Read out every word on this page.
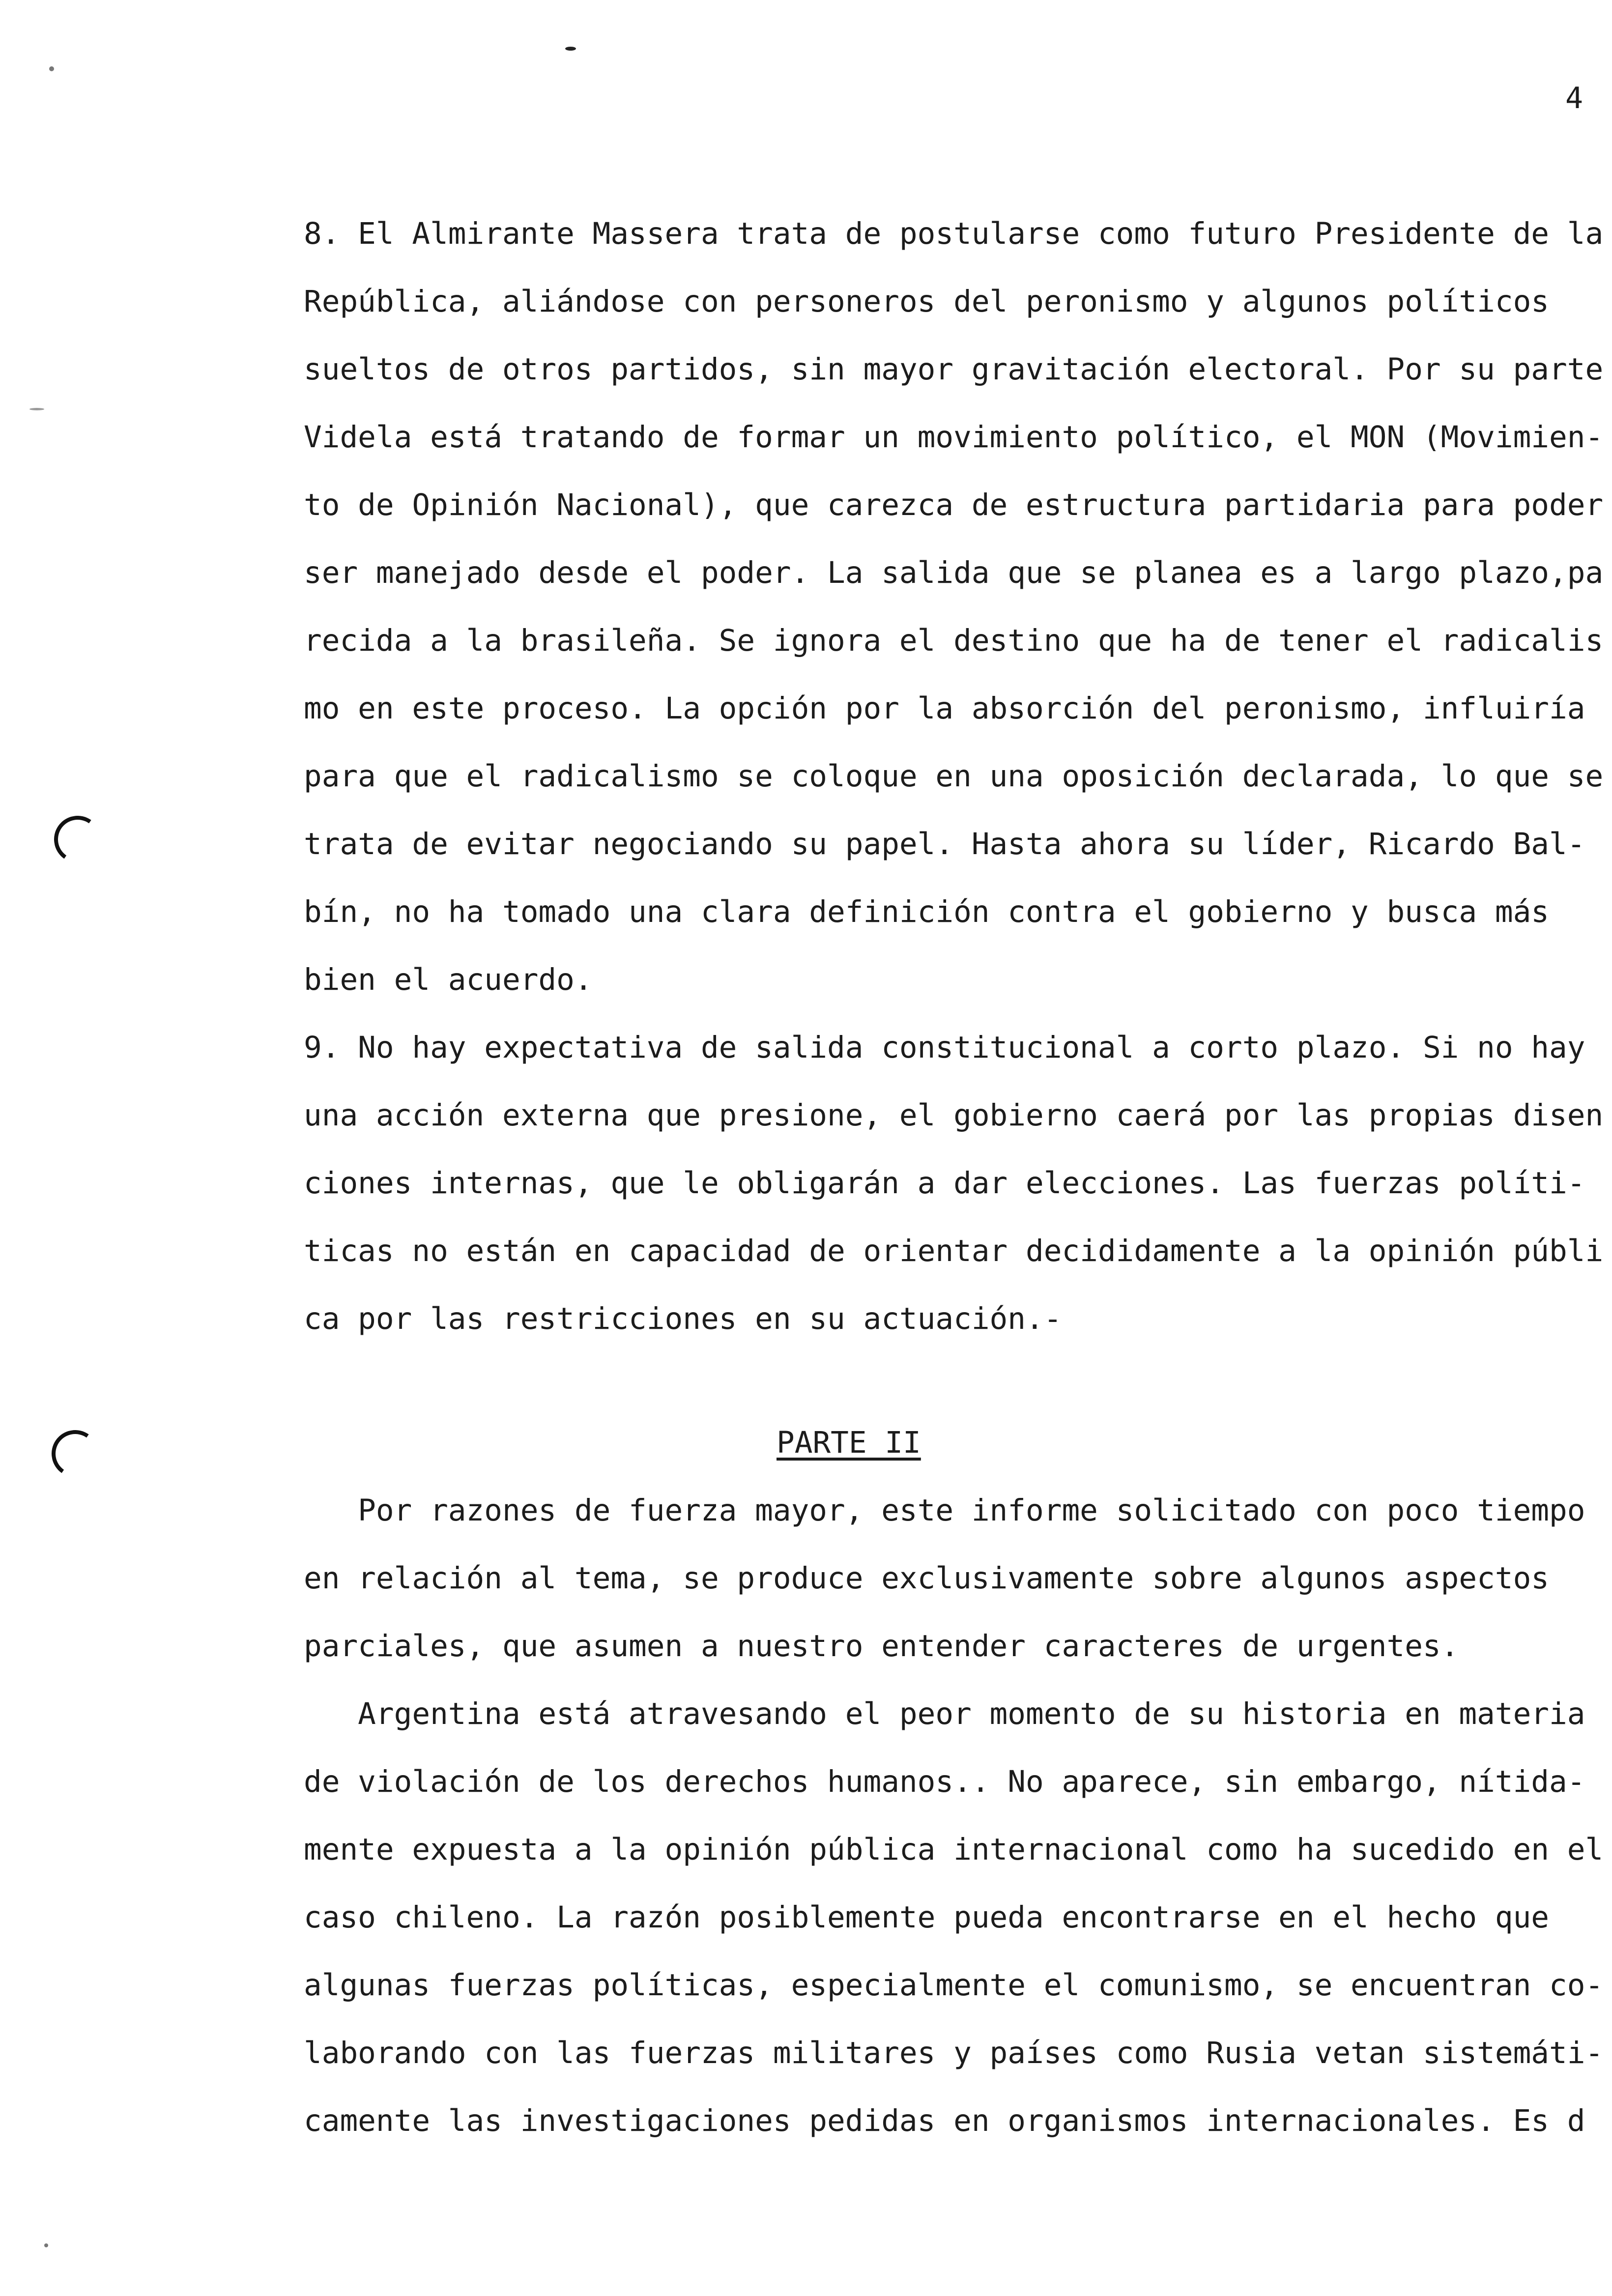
4
8. El Almirante Massera trata de postularse como futuro Presidente de la
República, aliándose con personeros del peronismo y algunos políticos
sueltos de otros partidos, sin mayor gravitación electoral. Por su parte
Videla está tratando de formar un movimiento político, el MON (Movimien-
to de Opinión Nacional), que carezca de estructura partidaria para poder
ser manejado desde el poder. La salida que se planea es a largo plazo,pa
recida a la brasileña. Se ignora el destino que ha de tener el radicalis
mo en este proceso. La opción por la absorción del peronismo, influiría
para que el radicalismo se coloque en una oposición declarada, lo que se
trata de evitar negociando su papel. Hasta ahora su líder, Ricardo Bal-
bín, no ha tomado una clara definición contra el gobierno y busca más
bien el acuerdo.
9. No hay expectativa de salida constitucional a corto plazo. Si no hay
una acción externa que presione, el gobierno caerá por las propias disen
ciones internas, que le obligarán a dar elecciones. Las fuerzas políti-
ticas no están en capacidad de orientar decididamente a la opinión públi
ca por las restricciones en su actuación.-
PARTE II
Por razones de fuerza mayor, este informe solicitado con poco tiempo
en relación al tema, se produce exclusivamente sobre algunos aspectos
parciales, que asumen a nuestro entender caracteres de urgentes.
Argentina está atravesando el peor momento de su historia en materia
de violación de los derechos humanos.. No aparece, sin embargo, nítida-
mente expuesta a la opinión pública internacional como ha sucedido en el
caso chileno. La razón posiblemente pueda encontrarse en el hecho que
algunas fuerzas políticas, especialmente el comunismo, se encuentran co-
laborando con las fuerzas militares y países como Rusia vetan sistemáti-
camente las investigaciones pedidas en organismos internacionales. Es d
